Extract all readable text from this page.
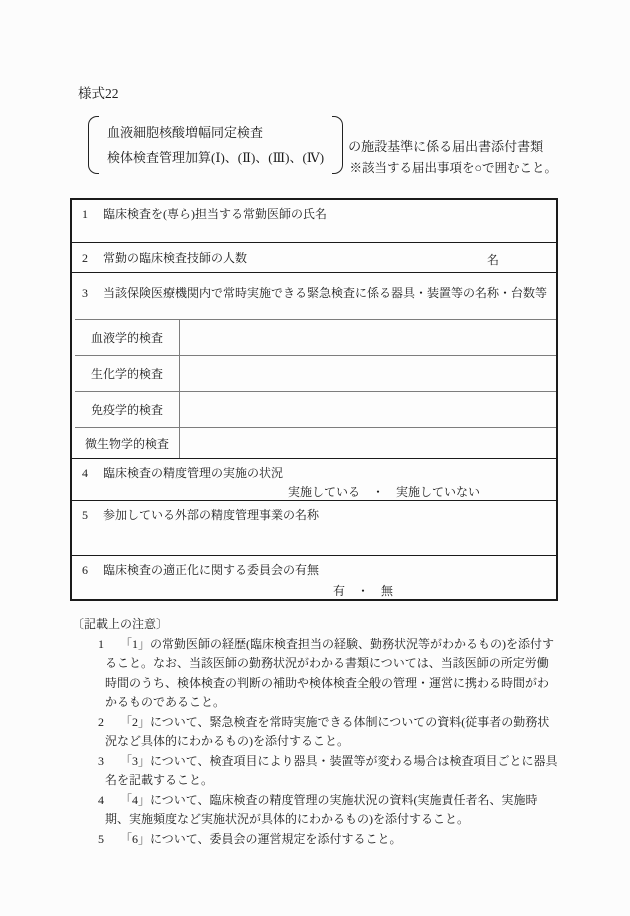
様式22
血液細胞核酸増幅同定検査
検体検査管理加算(Ⅰ)、(Ⅱ)、(Ⅲ)、(Ⅳ)
の施設基準に係る届出書添付書類
※該当する届出事項を○で囲むこと。
1 臨床検査を(専ら)担当する常勤医師の氏名
2 常勤の臨床検査技師の人数	名
3 当該保険医療機関内で常時実施できる緊急検査に係る器具・装置等の名称・台数等
血液学的検査
生化学的検査
免疫学的検査
微生物学的検査
4 臨床検査の精度管理の実施の状況
実施している　・　実施していない
5 参加している外部の精度管理事業の名称
6 臨床検査の適正化に関する委員会の有無
有　・　無
〔記載上の注意〕
1	「1」の常勤医師の経歴(臨床検査担当の経験、勤務状況等がわかるもの)を添付すること。なお、当該医師の勤務状況がわかる書類については、当該医師の所定労働時間のうち、検体検査の判断の補助や検体検査全般の管理・運営に携わる時間がわかるものであること。
2	「2」について、緊急検査を常時実施できる体制についての資料(従事者の勤務状況など具体的にわかるもの)を添付すること。
3	「3」について、検査項目により器具・装置等が変わる場合は検査項目ごとに器具名を記載すること。
4	「4」について、臨床検査の精度管理の実施状況の資料(実施責任者名、実施時期、実施頻度など実施状況が具体的にわかるもの)を添付すること。
5	「6」について、委員会の運営規定を添付すること。
